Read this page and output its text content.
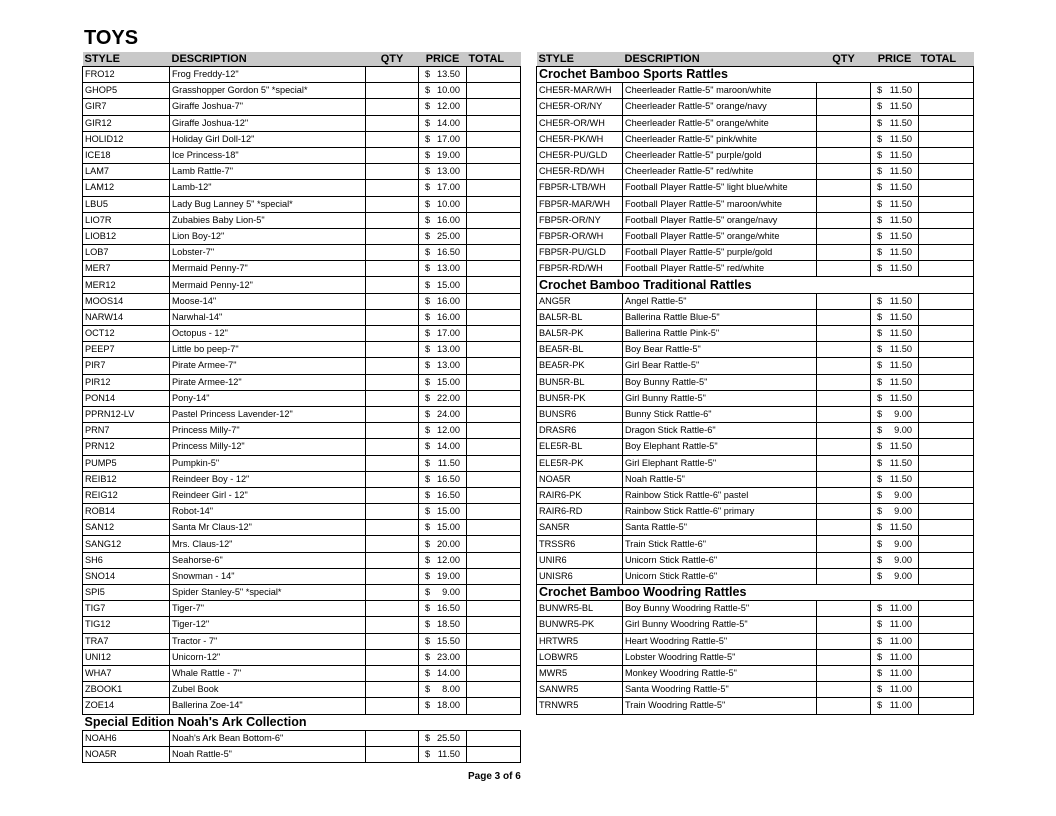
TOYS
STYLE	DESCRIPTION	QTY	PRICE	TOTAL
FRO12	Frog Freddy-12"		$ 13.50	

GHOP5	Grasshopper Gordon 5" *special*		$ 10.00	

GIR7	Giraffe Joshua-7"		$ 12.00	

GIR12	Giraffe Joshua-12"		$ 14.00	

HOLID12	Holiday Girl Doll-12"		$ 17.00	

ICE18	Ice Princess-18"		$ 19.00	

LAM7	Lamb Rattle-7"		$ 13.00	

LAM12	Lamb-12"		$ 17.00	

LBU5	Lady Bug Lanney 5" *special*		$ 10.00	

LIO7R	Zubabies Baby Lion-5"		$ 16.00	

LIOB12	Lion Boy-12"		$ 25.00	

LOB7	Lobster-7"		$ 16.50	

MER7	Mermaid Penny-7"		$ 13.00	

MER12	Mermaid Penny-12"		$ 15.00	

MOOS14	Moose-14"		$ 16.00	

NARW14	Narwhal-14"		$ 16.00	

OCT12	Octopus - 12"		$ 17.00	

PEEP7	Little bo peep-7"		$ 13.00	

PIR7	Pirate Armee-7"		$ 13.00	

PIR12	Pirate Armee-12"		$ 15.00	

PON14	Pony-14"		$ 22.00	

PPRN12-LV	Pastel Princess Lavender-12"		$ 24.00	

PRN7	Princess Milly-7"		$ 12.00	

PRN12	Princess Milly-12"		$ 14.00	

PUMP5	Pumpkin-5"		$ 11.50	

REIB12	Reindeer Boy - 12"		$ 16.50	

REIG12	Reindeer Girl - 12"		$ 16.50	

ROB14	Robot-14"		$ 15.00	

SAN12	Santa Mr Claus-12"		$ 15.00	

SANG12	Mrs. Claus-12"		$ 20.00	

SH6	Seahorse-6"		$ 12.00	

SNO14	Snowman - 14"		$ 19.00	

SPI5	Spider Stanley-5" *special*		$ 9.00	

TIG7	Tiger-7"		$ 16.50	

TIG12	Tiger-12"		$ 18.50	

TRA7	Tractor - 7"		$ 15.50	

UNI12	Unicorn-12"		$ 23.00	

WHA7	Whale Rattle - 7"		$ 14.00	

ZBOOK1	Zubel Book		$ 8.00	

ZOE14	Ballerina Zoe-14"		$ 18.00	

Special Edition Noah's Ark Collection				
NOAH6	Noah's Ark Bean Bottom-6"		$ 25.50	

NOA5R	Noah Rattle-5"		$ 11.50	

STYLE	DESCRIPTION	QTY	PRICE	TOTAL
Crochet Bamboo Sports Rattles				
CHE5R-MAR/WH	Cheerleader Rattle-5" maroon/white		$ 11.50	

CHE5R-OR/NY	Cheerleader Rattle-5" orange/navy		$ 11.50	

CHE5R-OR/WH	Cheerleader Rattle-5" orange/white		$ 11.50	

CHE5R-PK/WH	Cheerleader Rattle-5" pink/white		$ 11.50	

CHE5R-PU/GLD	Cheerleader Rattle-5" purple/gold		$ 11.50	

CHE5R-RD/WH	Cheerleader Rattle-5" red/white		$ 11.50	

FBP5R-LTB/WH	Football Player Rattle-5" light blue/white		$ 11.50	

FBP5R-MAR/WH	Football Player Rattle-5" maroon/white		$ 11.50	

FBP5R-OR/NY	Football Player Rattle-5" orange/navy		$ 11.50	

FBP5R-OR/WH	Football Player Rattle-5" orange/white		$ 11.50	

FBP5R-PU/GLD	Football Player Rattle-5" purple/gold		$ 11.50	

FBP5R-RD/WH	Football Player Rattle-5" red/white		$ 11.50	

Crochet Bamboo Traditional Rattles				
ANG5R	Angel Rattle-5"		$ 11.50	

BAL5R-BL	Ballerina Rattle Blue-5"		$ 11.50	

BAL5R-PK	Ballerina Rattle Pink-5"		$ 11.50	

BEA5R-BL	Boy Bear Rattle-5"		$ 11.50	

BEA5R-PK	Girl Bear Rattle-5"		$ 11.50	

BUN5R-BL	Boy Bunny Rattle-5"		$ 11.50	

BUN5R-PK	Girl Bunny Rattle-5"		$ 11.50	

BUNSR6	Bunny Stick Rattle-6"		$ 9.00	

DRASR6	Dragon Stick Rattle-6"		$ 9.00	

ELE5R-BL	Boy Elephant Rattle-5"		$ 11.50	

ELE5R-PK	Girl Elephant Rattle-5"		$ 11.50	

NOA5R	Noah Rattle-5"		$ 11.50	

RAIR6-PK	Rainbow Stick Rattle-6" pastel		$ 9.00	

RAIR6-RD	Rainbow Stick Rattle-6" primary		$ 9.00	

SAN5R	Santa Rattle-5"		$ 11.50	

TRSSR6	Train Stick Rattle-6"		$ 9.00	

UNIR6	Unicorn Stick Rattle-6"		$ 9.00	

UNISR6	Unicorn Stick Rattle-6"		$ 9.00	

Crochet Bamboo Woodring Rattles				
BUNWR5-BL	Boy Bunny Woodring Rattle-5"		$ 11.00	

BUNWR5-PK	Girl Bunny Woodring Rattle-5"		$ 11.00	

HRTWR5	Heart Woodring Rattle-5"		$ 11.00	

LOBWR5	Lobster Woodring Rattle-5"		$ 11.00	

MWR5	Monkey Woodring Rattle-5"		$ 11.00	

SANWR5	Santa Woodring Rattle-5"		$ 11.00	

TRNWR5	Train Woodring Rattle-5"		$ 11.00	

Page 3 of 6
